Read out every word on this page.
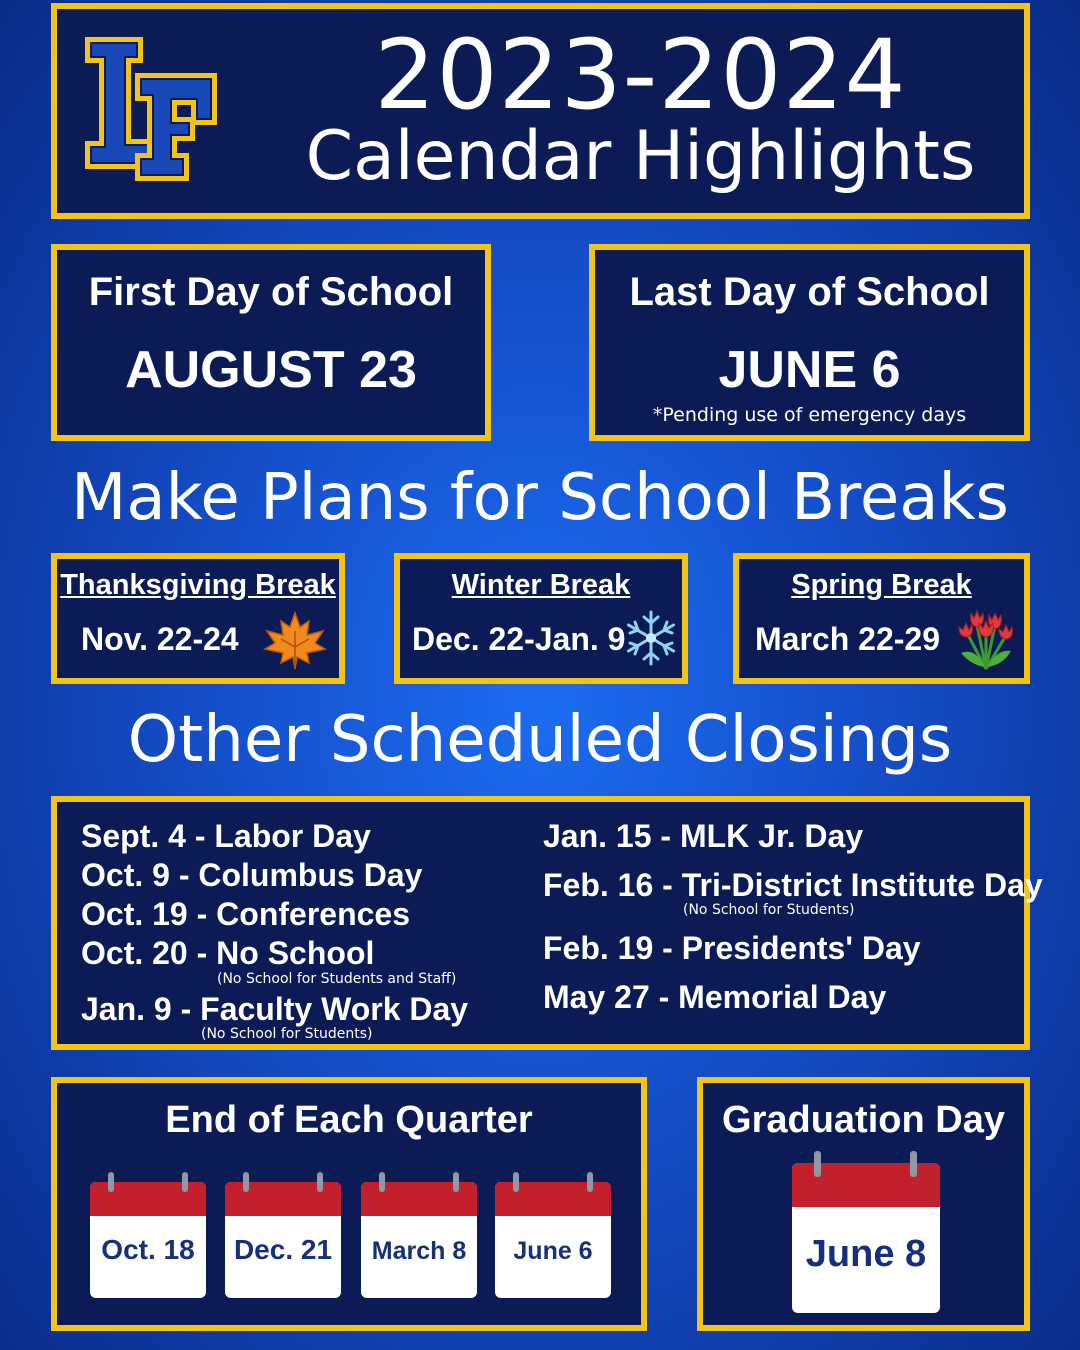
2023-2024
Calendar Highlights
First Day of School
AUGUST 23
Last Day of School
JUNE 6
*Pending use of emergency days
Make Plans for School Breaks
Thanksgiving Break
Nov. 22-24
Winter Break
Dec. 22-Jan. 9
Spring Break
March 22-29
Other Scheduled Closings
Sept. 4 - Labor Day
Oct. 9 - Columbus Day
Oct. 19 - Conferences
Oct. 20 - No School
(No School for Students and Staff)
Jan. 9 - Faculty Work Day
(No School for Students)
Jan. 15 - MLK Jr. Day
Feb. 16 - Tri-District Institute Day
(No School for Students)
Feb. 19 - Presidents' Day
May 27 - Memorial Day
End of Each Quarter
Oct. 18	Dec. 21	March 8	June 6
Graduation Day
June 8
